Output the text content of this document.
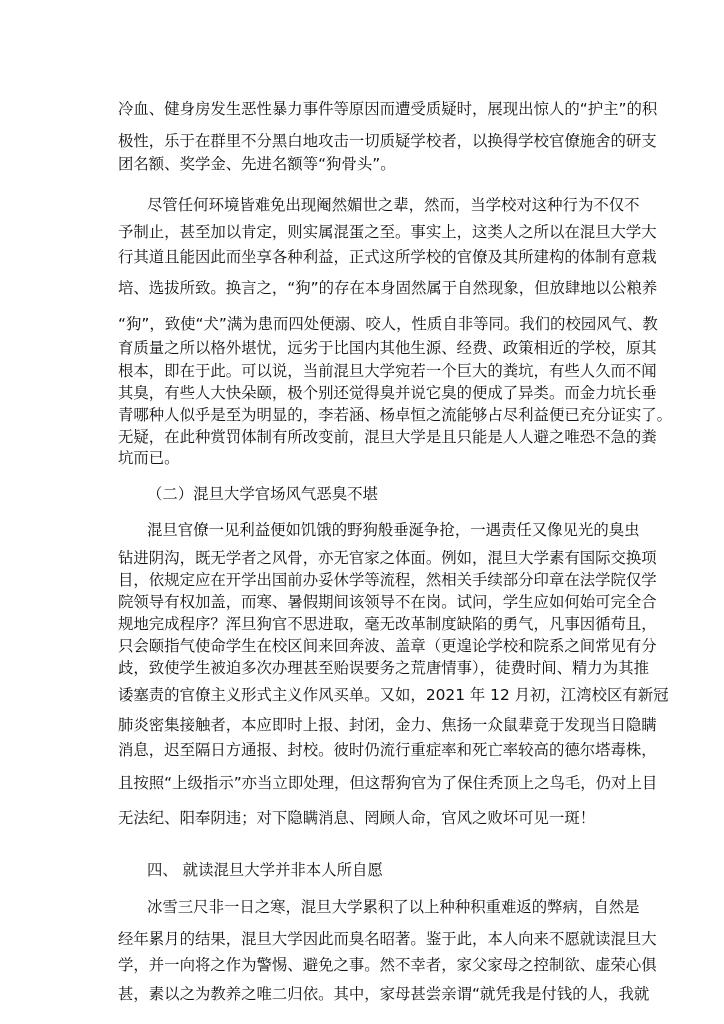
冷血、健身房发生恶性暴力事件等原因而遭受质疑时，展现出惊人的“护主”的积
极性，乐于在群里不分黑白地攻击一切质疑学校者，以换得学校官僚施舍的研支
团名额、奖学金、先进名额等“狗骨头”。
尽管任何环境皆难免出现阉然媚世之辈，然而，当学校对这种行为不仅不
予制止，甚至加以肯定，则实属混蛋之至。事实上，这类人之所以在混旦大学大
行其道且能因此而坐享各种利益，正式这所学校的官僚及其所建构的体制有意栽
培、选拔所致。换言之，“狗”的存在本身固然属于自然现象，但放肆地以公粮养
“狗”，致使“犬”满为患而四处便溺、咬人，性质自非等同。我们的校园风气、教
育质量之所以格外堪忧，远劣于比国内其他生源、经费、政策相近的学校，原其
根本，即在于此。可以说，当前混旦大学宛若一个巨大的粪坑，有些人久而不闻
其臭，有些人大快朵颐，极个别还觉得臭并说它臭的便成了异类。而金力坑长垂
青哪种人似乎是至为明显的，李若涵、杨卓恒之流能够占尽利益便已充分证实了。
无疑，在此种赏罚体制有所改变前，混旦大学是且只能是人人避之唯恐不急的粪
坑而已。
（二）混旦大学官场风气恶臭不堪
混旦官僚一见利益便如饥饿的野狗般垂涎争抢，一遇责任又像见光的臭虫
钻进阴沟，既无学者之风骨，亦无官家之体面。例如，混旦大学素有国际交换项
目，依规定应在开学出国前办妥休学等流程，然相关手续部分印章在法学院仅学
院领导有权加盖，而寒、暑假期间该领导不在岗。试问，学生应如何始可完全合
规地完成程序？浑旦狗官不思进取，毫无改革制度缺陷的勇气，凡事因循苟且，
只会颐指气使命学生在校区间来回奔波、盖章（更遑论学校和院系之间常见有分
歧，致使学生被迫多次办理甚至贻误要务之荒唐情事），徒费时间、精力为其推
诿塞责的官僚主义形式主义作风买单。又如，2021 年 12 月初，江湾校区有新冠
肺炎密集接触者，本应即时上报、封闭，金力、焦扬一众鼠辈竟于发现当日隐瞒
消息，迟至隔日方通报、封校。彼时仍流行重症率和死亡率较高的德尔塔毒株，
且按照“上级指示”亦当立即处理，但这帮狗官为了保住秃顶上之鸟毛，仍对上目
无法纪、阳奉阴违；对下隐瞒消息、罔顾人命，官风之败坏可见一斑！
四、 就读混旦大学并非本人所自愿
冰雪三尺非一日之寒，混旦大学累积了以上种种积重难返的弊病，自然是
经年累月的结果，混旦大学因此而臭名昭著。鉴于此，本人向来不愿就读混旦大
学，并一向将之作为警惕、避免之事。然不幸者，家父家母之控制欲、虚荣心俱
甚，素以之为教养之唯二归依。其中，家母甚尝亲谓“就凭我是付钱的人，我就
